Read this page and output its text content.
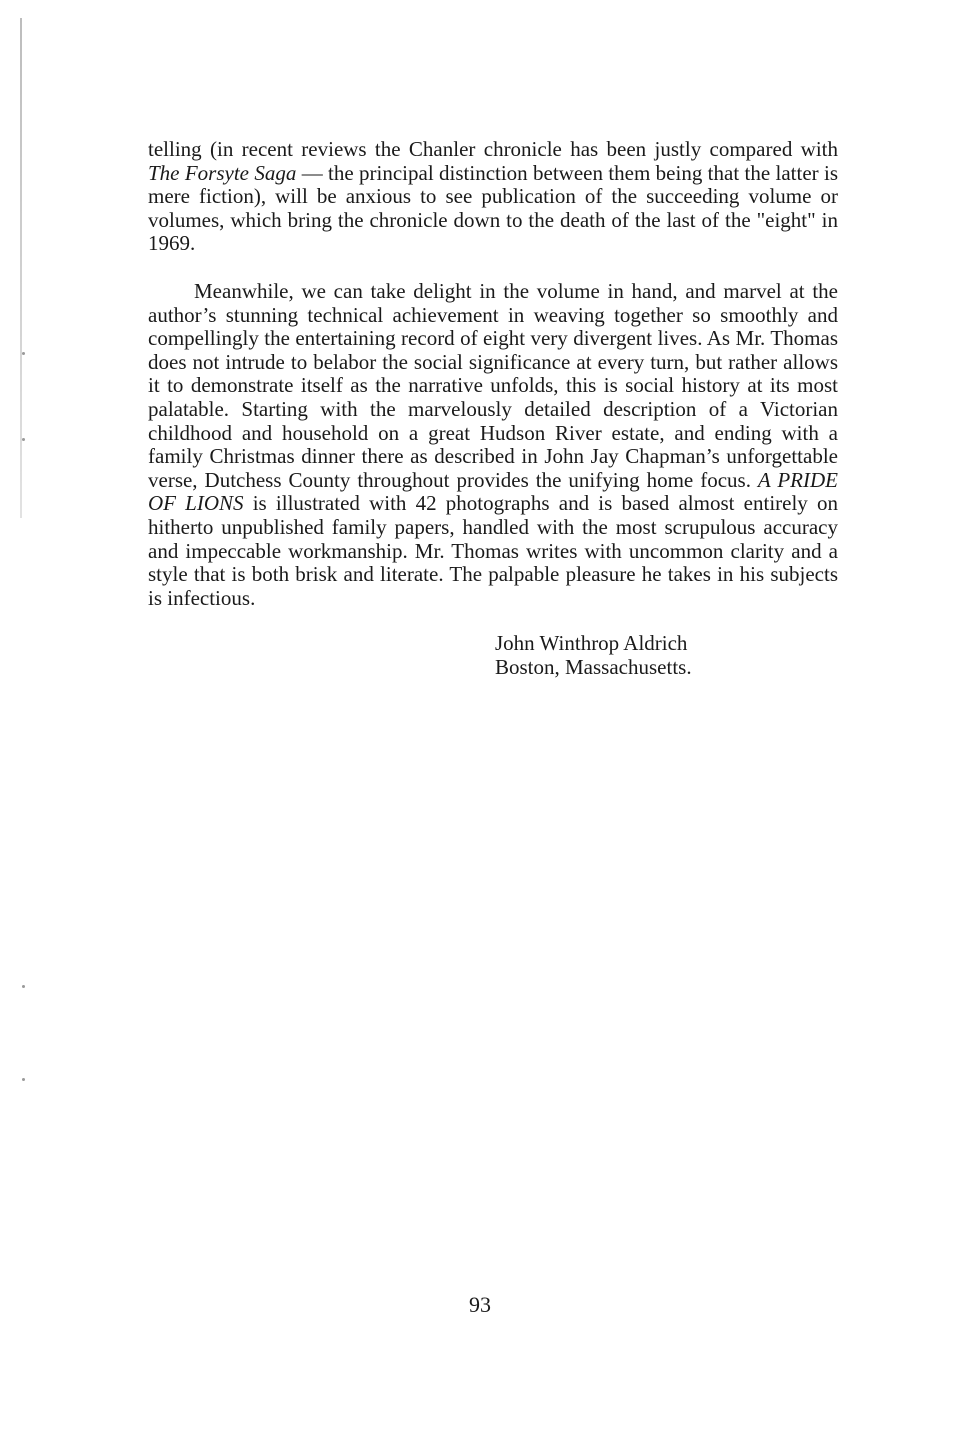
telling (in recent reviews the Chanler chronicle has been justly compared with The Forsyte Saga — the principal distinction between them being that the latter is mere fiction), will be anxious to see publication of the succeeding volume or volumes, which bring the chronicle down to the death of the last of the "eight" in 1969.

Meanwhile, we can take delight in the volume in hand, and marvel at the author’s stunning technical achievement in weaving together so smoothly and compellingly the entertaining record of eight very divergent lives. As Mr. Thomas does not intrude to belabor the social significance at every turn, but rather allows it to demonstrate itself as the narrative unfolds, this is social history at its most palatable. Starting with the marvelously detailed description of a Victorian childhood and household on a great Hudson River estate, and ending with a family Christmas dinner there as described in John Jay Chapman’s unforgettable verse, Dutchess County throughout provides the unifying home focus. A PRIDE OF LIONS is illustrated with 42 photographs and is based almost entirely on hitherto unpublished family papers, handled with the most scrupulous accuracy and impeccable workmanship. Mr. Thomas writes with uncommon clarity and a style that is both brisk and literate. The palpable pleasure he takes in his subjects is infectious.

John Winthrop Aldrich
Boston, Massachusetts.
93
